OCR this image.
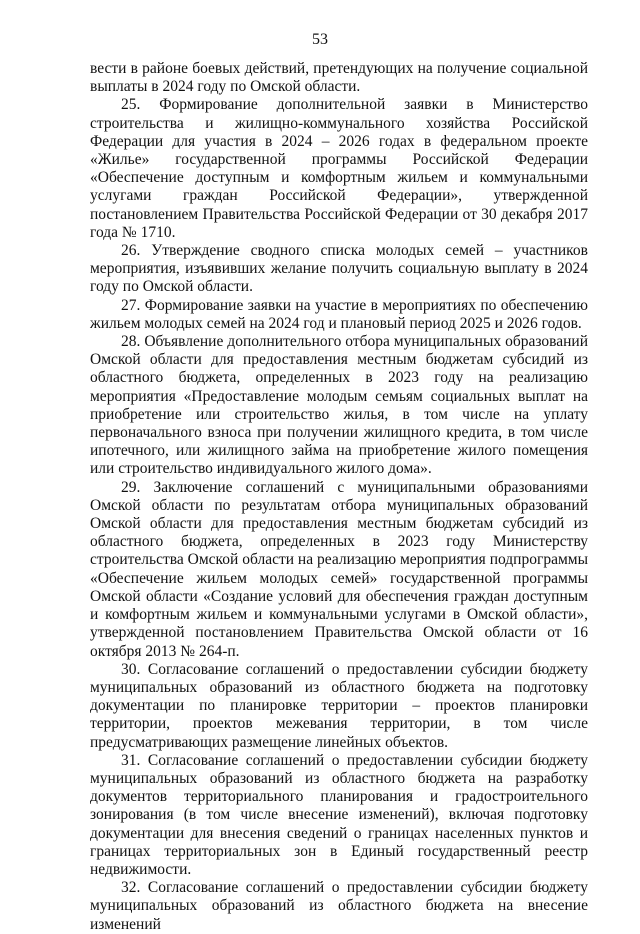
53

вести в районе боевых действий, претендующих на получение социальной выплаты в 2024 году по Омской области.

25. Формирование дополнительной заявки в Министерство строительства и жилищно-коммунального хозяйства Российской Федерации для участия в 2024 – 2026 годах в федеральном проекте «Жилье» государственной программы Российской Федерации «Обеспечение доступным и комфортным жильем и коммунальными услугами граждан Российской Федерации», утвержденной постановлением Правительства Российской Федерации от 30 декабря 2017 года № 1710.

26. Утверждение сводного списка молодых семей – участников мероприятия, изъявивших желание получить социальную выплату в 2024 году по Омской области.

27. Формирование заявки на участие в мероприятиях по обеспечению жильем молодых семей на 2024 год и плановый период 2025 и 2026 годов.

28. Объявление дополнительного отбора муниципальных образований Омской области для предоставления местным бюджетам субсидий из областного бюджета, определенных в 2023 году на реализацию мероприятия «Предоставление молодым семьям социальных выплат на приобретение или строительство жилья, в том числе на уплату первоначального взноса при получении жилищного кредита, в том числе ипотечного, или жилищного займа на приобретение жилого помещения или строительство индивидуального жилого дома».

29. Заключение соглашений с муниципальными образованиями Омской области по результатам отбора муниципальных образований Омской области для предоставления местным бюджетам субсидий из областного бюджета, определенных в 2023 году Министерству строительства Омской области на реализацию мероприятия подпрограммы «Обеспечение жильем молодых семей» государственной программы Омской области «Создание условий для обеспечения граждан доступным и комфортным жильем и коммунальными услугами в Омской области», утвержденной постановлением Правительства Омской области от 16 октября 2013 № 264-п.

30. Согласование соглашений о предоставлении субсидии бюджету муниципальных образований из областного бюджета на подготовку документации по планировке территории – проектов планировки территории, проектов межевания территории, в том числе предусматривающих размещение линейных объектов.

31. Согласование соглашений о предоставлении субсидии бюджету муниципальных образований из областного бюджета на разработку документов территориального планирования и градостроительного зонирования (в том числе внесение изменений), включая подготовку документации для внесения сведений о границах населенных пунктов и границах территориальных зон в Единый государственный реестр недвижимости.

32. Согласование соглашений о предоставлении субсидии бюджету муниципальных образований из областного бюджета на внесение изменений
